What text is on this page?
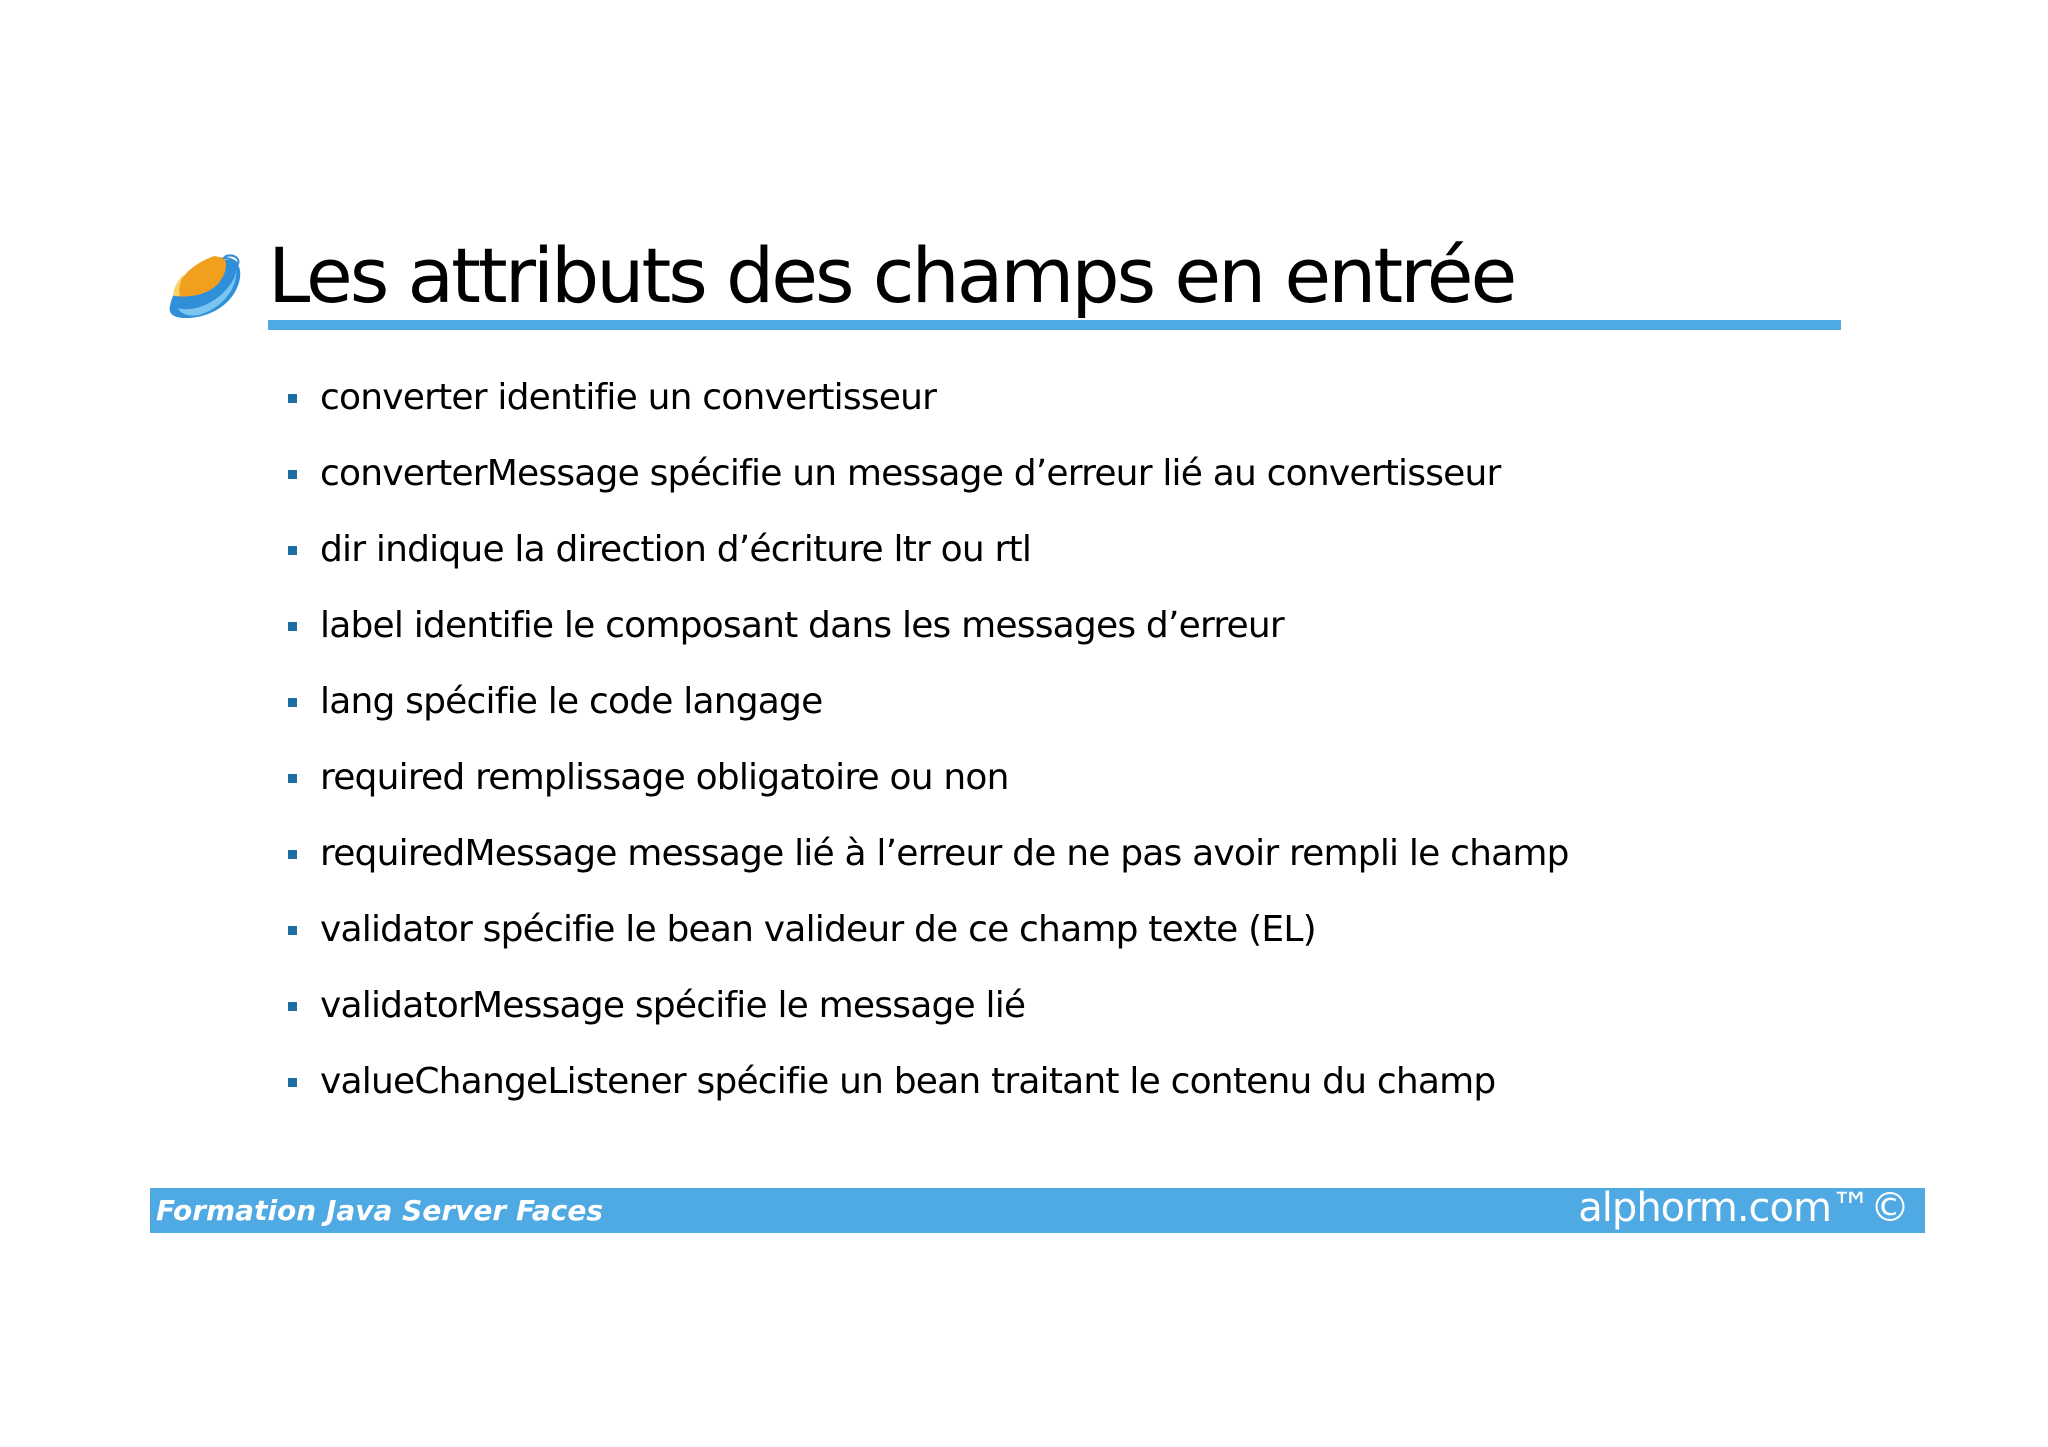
Les attributs des champs en entrée
converter identifie un convertisseur
converterMessage spécifie un message d’erreur lié au convertisseur
dir indique la direction d’écriture ltr ou rtl
label identifie le composant dans les messages d’erreur
lang spécifie le code langage
required remplissage obligatoire ou non
requiredMessage message lié à l’erreur de ne pas avoir rempli le champ
validator spécifie le bean valideur de ce champ texte (EL)
validatorMessage spécifie le message lié
valueChangeListener spécifie un bean traitant le contenu du champ
Formation Java Server Faces	alphorm.com™©
